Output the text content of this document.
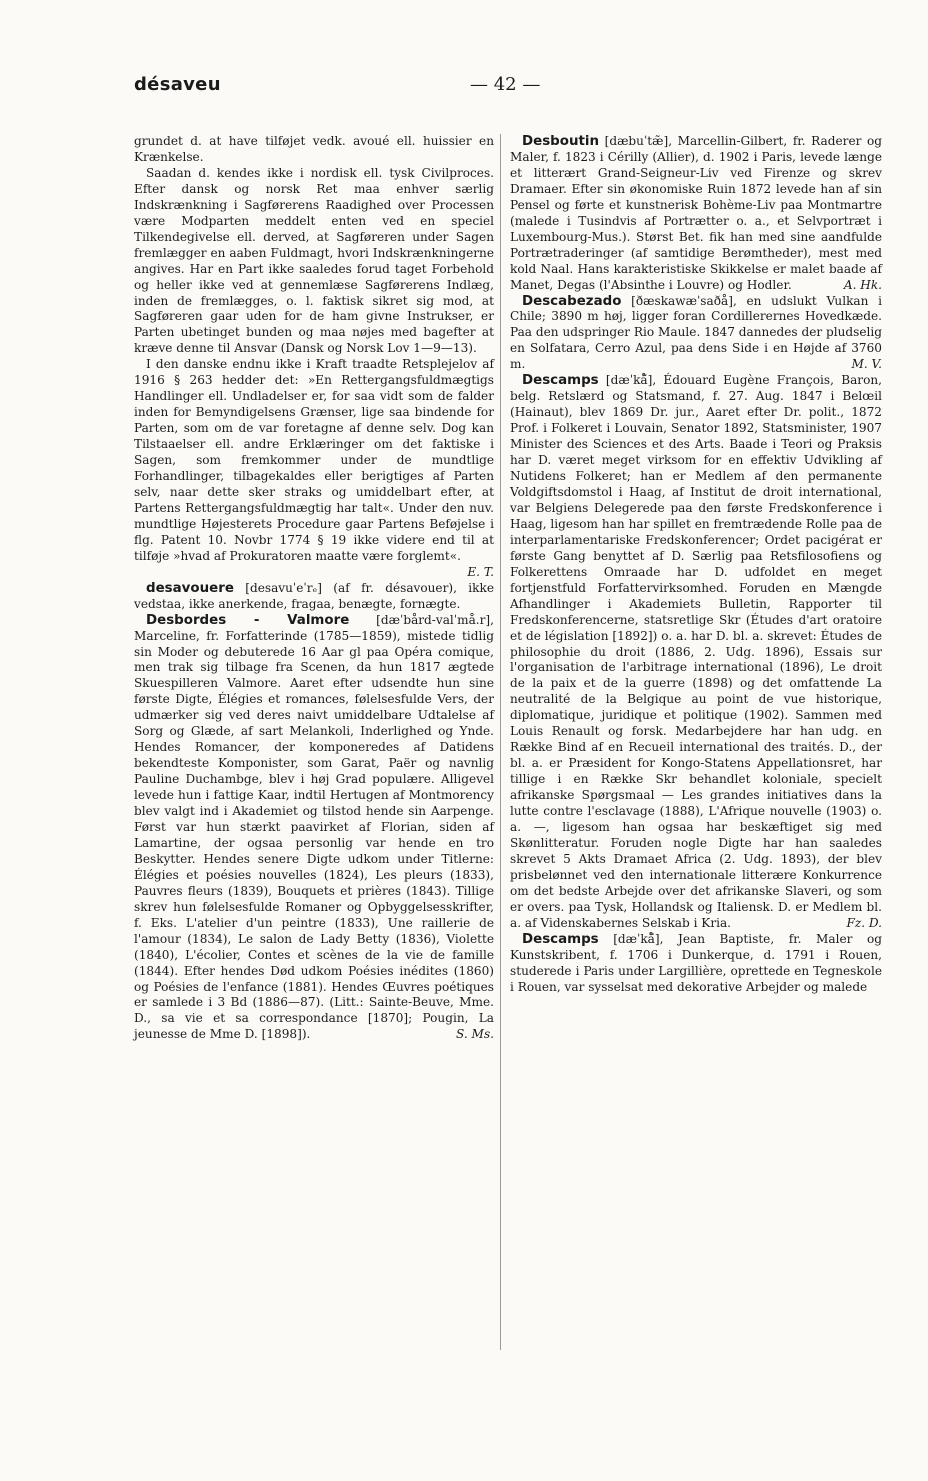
désaveu	— 42 —

grundet d. at have tilføjet vedk. avoué ell. huissier en Krænkelse.

Saadan d. kendes ikke i nordisk ell. tysk Civilproces. Efter dansk og norsk Ret maa enhver særlig Indskrænkning i Sagførerens Raadighed over Processen være Modparten meddelt enten ved en speciel Tilkendegivelse ell. derved, at Sagføreren under Sagen fremlægger en aaben Fuldmagt, hvori Indskrænkningerne angives. Har en Part ikke saaledes forud taget Forbehold og heller ikke ved at gennemlæse Sagførerens Indlæg, inden de fremlægges, o. l. faktisk sikret sig mod, at Sagføreren gaar uden for de ham givne Instrukser, er Parten ubetinget bunden og maa nøjes med bagefter at kræve denne til Ansvar (Dansk og Norsk Lov 1—9—13).

I den danske endnu ikke i Kraft traadte Retsplejelov af 1916 § 263 hedder det: »En Rettergangsfuldmægtigs Handlinger ell. Undladelser er, for saa vidt som de falder inden for Bemyndigelsens Grænser, lige saa bindende for Parten, som om de var foretagne af denne selv. Dog kan Tilstaaelser ell. andre Erklæringer om det faktiske i Sagen, som fremkommer under de mundtlige Forhandlinger, tilbagekaldes eller berigtiges af Parten selv, naar dette sker straks og umiddelbart efter, at Partens Rettergangsfuldmægtig har talt«. Under den nuv. mundtlige Højesterets Procedure gaar Partens Beføjelse i flg. Patent 10. Novbr 1774 § 19 ikke videre end til at tilføje »hvad af Prokuratoren maatte være forglemt«.
E. T.

desavouere [desavuˈeˈrₑ] (af fr. désavouer), ikke vedstaa, ikke anerkende, fragaa, benægte, fornægte.

Desbordes - Valmore [dæˈbård-valˈmå.r], Marceline, fr. Forfatterinde (1785—1859), mistede tidlig sin Moder og debuterede 16 Aar gl paa Opéra comique, men trak sig tilbage fra Scenen, da hun 1817 ægtede Skuespilleren Valmore. Aaret efter udsendte hun sine første Digte, Élégies et romances, følelsesfulde Vers, der udmærker sig ved deres naivt umiddelbare Udtalelse af Sorg og Glæde, af sart Melankoli, Inderlighed og Ynde. Hendes Romancer, der komponeredes af Datidens bekendteste Komponister, som Garat, Paër og navnlig Pauline Duchambge, blev i høj Grad populære. Alligevel levede hun i fattige Kaar, indtil Hertugen af Montmorency blev valgt ind i Akademiet og tilstod hende sin Aarpenge. Først var hun stærkt paavirket af Florian, siden af Lamartine, der ogsaa personlig var hende en tro Beskytter. Hendes senere Digte udkom under Titlerne: Élégies et poésies nouvelles (1824), Les pleurs (1833), Pauvres fleurs (1839), Bouquets et prières (1843). Tillige skrev hun følelsesfulde Romaner og Opbyggelsesskrifter, f. Eks. L'atelier d'un peintre (1833), Une raillerie de l'amour (1834), Le salon de Lady Betty (1836), Violette (1840), L'écolier, Contes et scènes de la vie de famille (1844). Efter hendes Død udkom Poésies inédites (1860) og Poésies de l'enfance (1881). Hendes Œuvres poétiques er samlede i 3 Bd (1886—87). (Litt.: Sainte-Beuve, Mme. D., sa vie et sa correspondance [1870]; Pougin, La jeunesse de Mme D. [1898]).	S. Ms.

Desboutin [dæbuˈtæ̃], Marcellin-Gilbert, fr. Raderer og Maler, f. 1823 i Cérilly (Allier), d. 1902 i Paris, levede længe et litterært Grand-Seigneur-Liv ved Firenze og skrev Dramaer. Efter sin økonomiske Ruin 1872 levede han af sin Pensel og førte et kunstnerisk Bohème-Liv paa Montmartre (malede i Tusindvis af Portrætter o. a., et Selvportræt i Luxembourg-Mus.). Størst Bet. fik han med sine aandfulde Portrætraderinger (af samtidige Berømtheder), mest med kold Naal. Hans karakteristiske Skikkelse er malet baade af Manet, Degas (l'Absinthe i Louvre) og Hodler.	A. Hk.

Descabezado [ðæskawæˈsaðå], en udslukt Vulkan i Chile; 3890 m høj, ligger foran Cordillerernes Hovedkæde. Paa den udspringer Rio Maule. 1847 dannedes der pludselig en Solfatara, Cerro Azul, paa dens Side i en Højde af 3760 m.	M. V.

Descamps [dæˈkå̃], Édouard Eugène François, Baron, belg. Retslærd og Statsmand, f. 27. Aug. 1847 i Belœil (Hainaut), blev 1869 Dr. jur., Aaret efter Dr. polit., 1872 Prof. i Folkeret i Louvain, Senator 1892, Statsminister, 1907 Minister des Sciences et des Arts. Baade i Teori og Praksis har D. været meget virksom for en effektiv Udvikling af Nutidens Folkeret; han er Medlem af den permanente Voldgiftsdomstol i Haag, af Institut de droit international, var Belgiens Delegerede paa den første Fredskonference i Haag, ligesom han har spillet en fremtrædende Rolle paa de interparlamentariske Fredskonferencer; Ordet pacigérat er første Gang benyttet af D. Særlig paa Retsfilosofiens og Folkerettens Omraade har D. udfoldet en meget fortjenstfuld Forfattervirksomhed. Foruden en Mængde Afhandlinger i Akademiets Bulletin, Rapporter til Fredskonferencerne, statsretlige Skr (Études d'art oratoire et de législation [1892]) o. a. har D. bl. a. skrevet: Études de philosophie du droit (1886, 2. Udg. 1896), Essais sur l'organisation de l'arbitrage international (1896), Le droit de la paix et de la guerre (1898) og det omfattende La neutralité de la Belgique au point de vue historique, diplomatique, juridique et politique (1902). Sammen med Louis Renault og forsk. Medarbejdere har han udg. en Række Bind af en Recueil international des traités. D., der bl. a. er Præsident for Kongo-Statens Appellationsret, har tillige i en Række Skr behandlet koloniale, specielt afrikanske Spørgsmaal — Les grandes initiatives dans la lutte contre l'esclavage (1888), L'Afrique nouvelle (1903) o. a. —, ligesom han ogsaa har beskæftiget sig med Skønlitteratur. Foruden nogle Digte har han saaledes skrevet 5 Akts Dramaet Africa (2. Udg. 1893), der blev prisbelønnet ved den internationale litterære Konkurrence om det bedste Arbejde over det afrikanske Slaveri, og som er overs. paa Tysk, Hollandsk og Italiensk. D. er Medlem bl. a. af Videnskabernes Selskab i Kria.	Fz. D.

Descamps [dæˈkå̃], Jean Baptiste, fr. Maler og Kunstskribent, f. 1706 i Dunkerque, d. 1791 i Rouen, studerede i Paris under Largillière, oprettede en Tegneskole i Rouen, var sysselsat med dekorative Arbejder og malede
